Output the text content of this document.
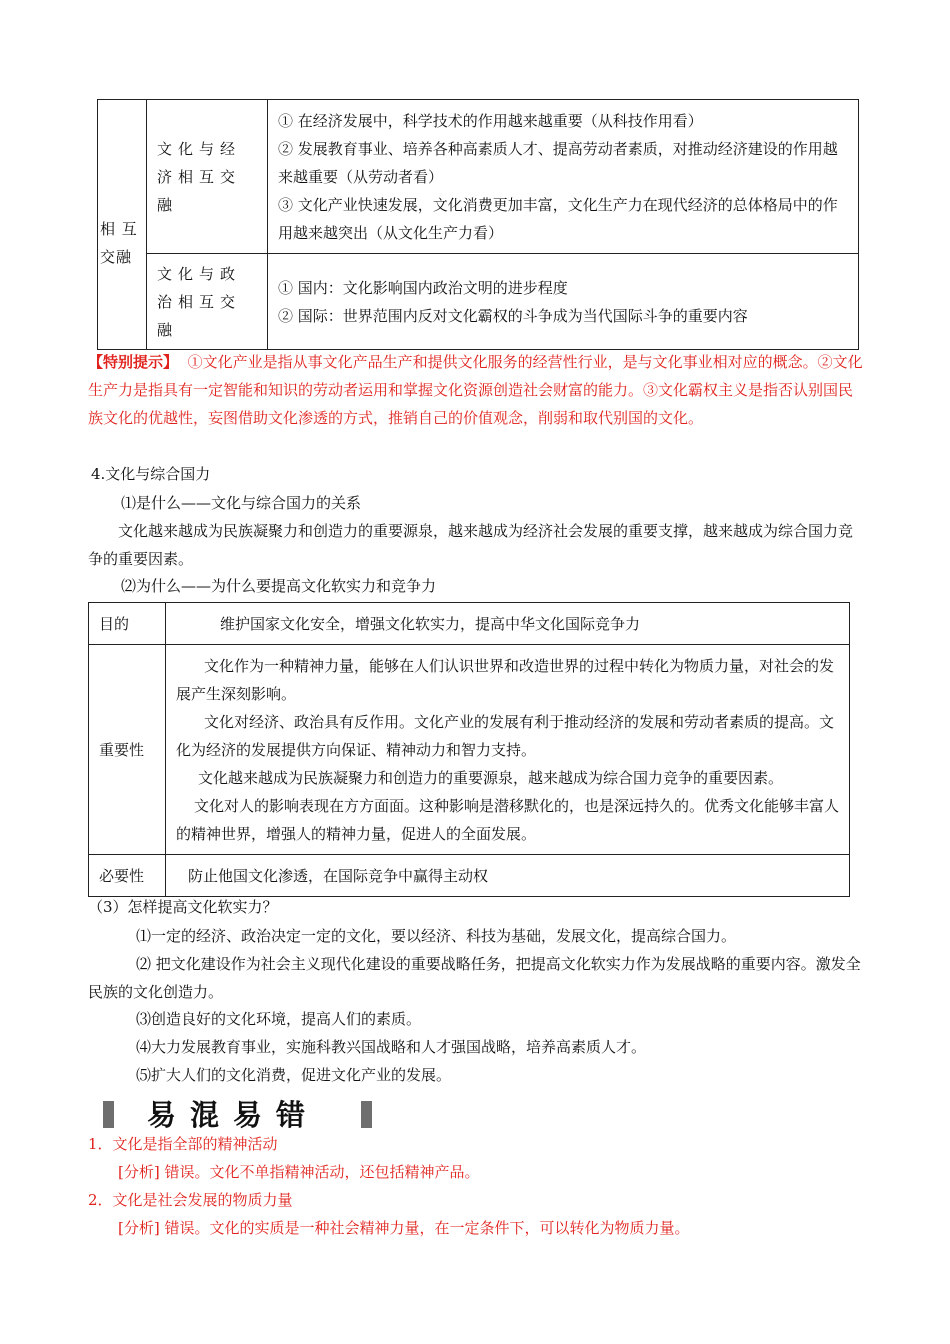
相 互 交融	文化与经济相互交融	① 在经济发展中，科学技术的作用越来越重要（从科技作用看）
② 发展教育事业、培养各种高素质人才、提高劳动者素质，对推动经济建设的作用越来越重要（从劳动者看）
③ 文化产业快速发展，文化消费更加丰富，文化生产力在现代经济的总体格局中的作用越来越突出（从文化生产力看）

	文化与政治相互交融	① 国内：文化影响国内政治文明的进步程度
② 国际：世界范围内反对文化霸权的斗争成为当代国际斗争的重要内容
【特别提示】 ①文化产业是指从事文化产品生产和提供文化服务的经营性行业，是与文化事业相对应的概念。②文化生产力是指具有一定智能和知识的劳动者运用和掌握文化资源创造社会财富的能力。③文化霸权主义是指否认别国民族文化的优越性，妄图借助文化渗透的方式，推销自己的价值观念，削弱和取代别国的文化。
4.文化与综合国力
⑴是什么——文化与综合国力的关系
文化越来越成为民族凝聚力和创造力的重要源泉，越来越成为经济社会发展的重要支撑，越来越成为综合国力竞争的重要因素。
⑵为什么——为什么要提高文化软实力和竞争力
目的	维护国家文化安全，增强文化软实力，提高中华文化国际竞争力
重要性	文化作为一种精神力量，能够在人们认识世界和改造世界的过程中转化为物质力量，对社会的发展产生深刻影响。
文化对经济、政治具有反作用。文化产业的发展有利于推动经济的发展和劳动者素质的提高。文化为经济的发展提供方向保证、精神动力和智力支持。
文化越来越成为民族凝聚力和创造力的重要源泉，越来越成为综合国力竞争的重要因素。
文化对人的影响表现在方方面面。这种影响是潜移默化的，也是深远持久的。优秀文化能够丰富人的精神世界，增强人的精神力量，促进人的全面发展。

必要性	防止他国文化渗透，在国际竞争中赢得主动权
（3）怎样提高文化软实力？
⑴一定的经济、政治决定一定的文化，要以经济、科技为基础，发展文化，提高综合国力。
⑵ 把文化建设作为社会主义现代化建设的重要战略任务，把提高文化软实力作为发展战略的重要内容。激发全民族的文化创造力。
⑶创造良好的文化环境，提高人们的素质。
⑷大力发展教育事业，实施科教兴国战略和人才强国战略，培养高素质人才。
⑸扩大人们的文化消费，促进文化产业的发展。
易混易错
1．文化是指全部的精神活动
[分析] 错误。文化不单指精神活动，还包括精神产品。
2．文化是社会发展的物质力量
[分析] 错误。文化的实质是一种社会精神力量，在一定条件下，可以转化为物质力量。
